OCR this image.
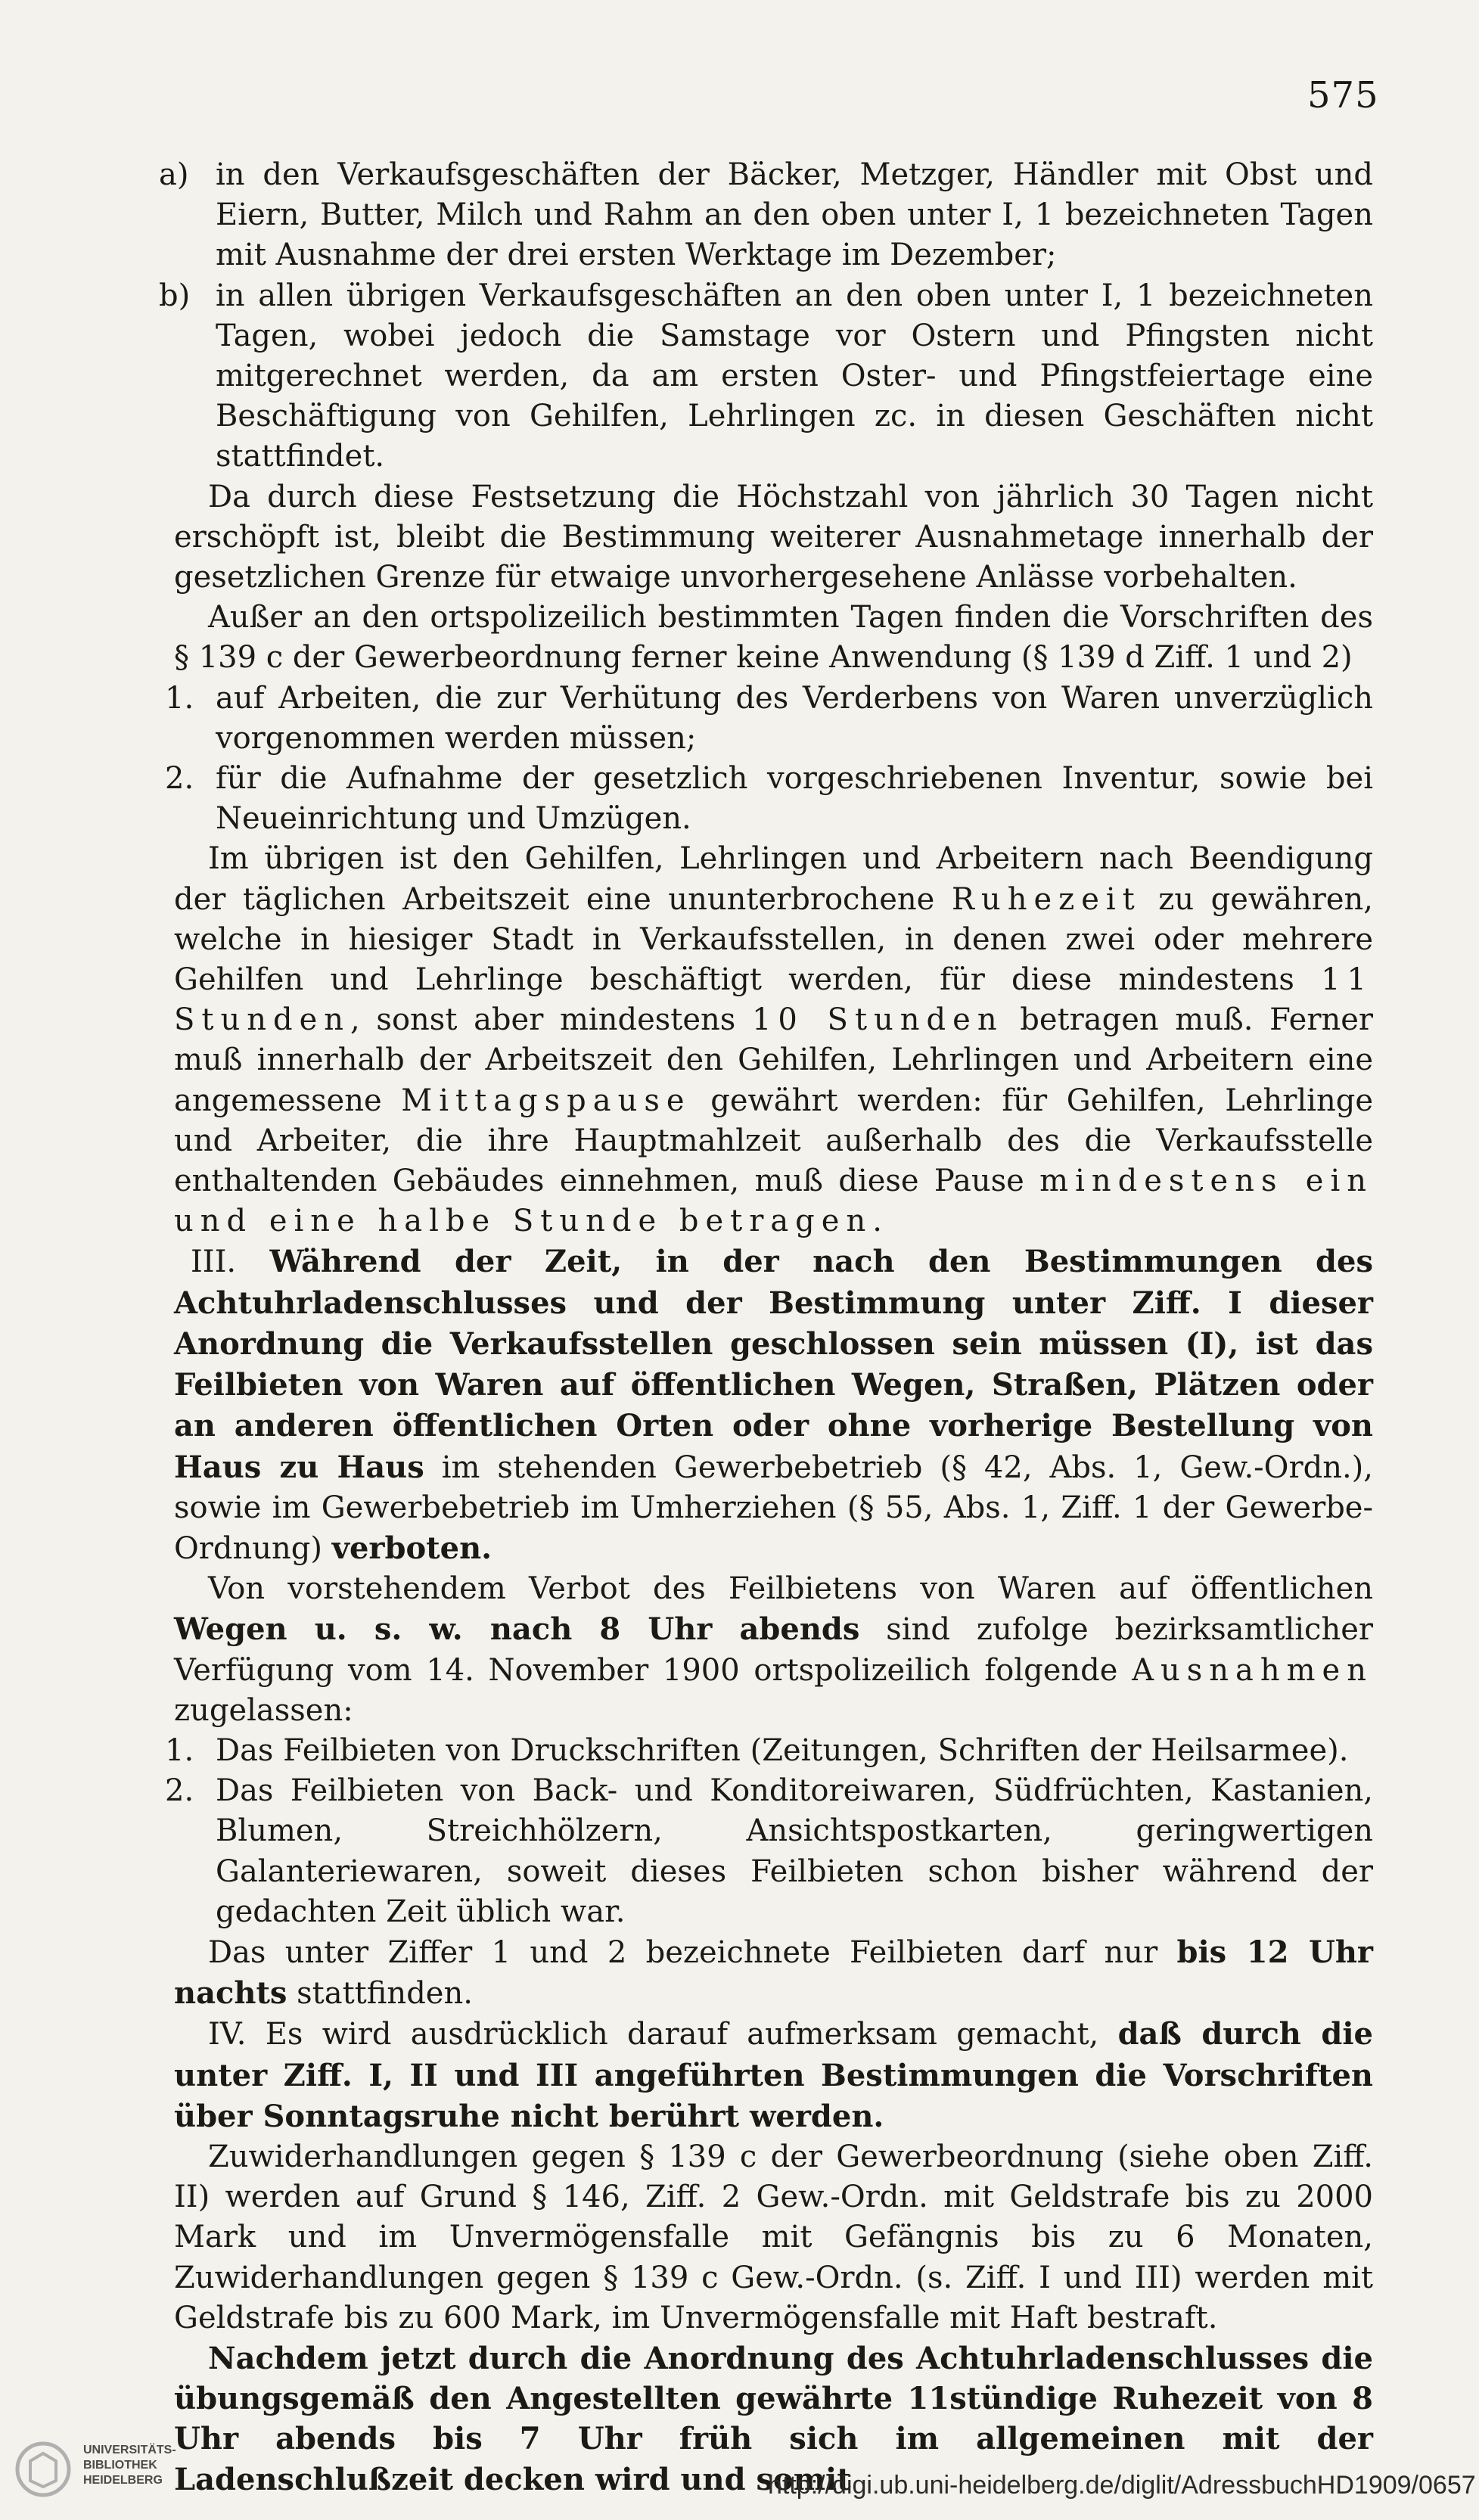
575

a) in den Verkaufsgeschäften der Bäcker, Metzger, Händler mit Obst und Eiern, Butter, Milch und Rahm an den oben unter I, 1 bezeichneten Tagen mit Ausnahme der drei ersten Werktage im Dezember;

b) in allen übrigen Verkaufsgeschäften an den oben unter I, 1 bezeichneten Tagen, wobei jedoch die Samstage vor Ostern und Pfingsten nicht mitgerechnet werden, da am ersten Oster- und Pfingstfeiertage eine Beschäftigung von Gehilfen, Lehrlingen zc. in diesen Geschäften nicht stattfindet.

Da durch diese Festsetzung die Höchstzahl von jährlich 30 Tagen nicht erschöpft ist, bleibt die Bestimmung weiterer Ausnahmetage innerhalb der gesetzlichen Grenze für etwaige unvorhergesehene Anlässe vorbehalten.

Außer an den ortspolizeilich bestimmten Tagen finden die Vorschriften des § 139 c der Gewerbeordnung ferner keine Anwendung (§ 139 d Ziff. 1 und 2)

1. auf Arbeiten, die zur Verhütung des Verderbens von Waren unverzüglich vorgenommen werden müssen;

2. für die Aufnahme der gesetzlich vorgeschriebenen Inventur, sowie bei Neueinrichtung und Umzügen.

Im übrigen ist den Gehilfen, Lehrlingen und Arbeitern nach Beendigung der täglichen Arbeitszeit eine ununterbrochene Ruhezeit zu gewähren, welche in hiesiger Stadt in Verkaufsstellen, in denen zwei oder mehrere Gehilfen und Lehrlinge beschäftigt werden, für diese mindestens 11 Stunden, sonst aber mindestens 10 Stunden betragen muß. Ferner muß innerhalb der Arbeitszeit den Gehilfen, Lehrlingen und Arbeitern eine angemessene Mittagspause gewährt werden: für Gehilfen, Lehrlinge und Arbeiter, die ihre Hauptmahlzeit außerhalb des die Verkaufsstelle enthaltenden Gebäudes einnehmen, muß diese Pause mindestens ein und eine halbe Stunde betragen.

III. Während der Zeit, in der nach den Bestimmungen des Achtuhrladenschlusses und der Bestimmung unter Ziff. I dieser Anordnung die Verkaufsstellen geschlossen sein müssen (I), ist das Feilbieten von Waren auf öffentlichen Wegen, Straßen, Plätzen oder an anderen öffentlichen Orten oder ohne vorherige Bestellung von Haus zu Haus im stehenden Gewerbebetrieb (§ 42, Abs. 1, Gew.-Ordn.), sowie im Gewerbebetrieb im Umherziehen (§ 55, Abs. 1, Ziff. 1 der Gewerbe-Ordnung) verboten.

Von vorstehendem Verbot des Feilbietens von Waren auf öffentlichen Wegen u. s. w. nach 8 Uhr abends sind zufolge bezirksamtlicher Verfügung vom 14. November 1900 ortspolizeilich folgende Ausnahmen zugelassen:

1. Das Feilbieten von Druckschriften (Zeitungen, Schriften der Heilsarmee).

2. Das Feilbieten von Back- und Konditoreiwaren, Südfrüchten, Kastanien, Blumen, Streichhölzern, Ansichtspostkarten, geringwertigen Galanteriewaren, soweit dieses Feilbieten schon bisher während der gedachten Zeit üblich war.

Das unter Ziffer 1 und 2 bezeichnete Feilbieten darf nur bis 12 Uhr nachts stattfinden.

IV. Es wird ausdrücklich darauf aufmerksam gemacht, daß durch die unter Ziff. I, II und III angeführten Bestimmungen die Vorschriften über Sonntagsruhe nicht berührt werden.

Zuwiderhandlungen gegen § 139 c der Gewerbeordnung (siehe oben Ziff. II) werden auf Grund § 146, Ziff. 2 Gew.-Ordn. mit Geldstrafe bis zu 2000 Mark und im Unvermögensfalle mit Gefängnis bis zu 6 Monaten, Zuwiderhandlungen gegen § 139 c Gew.-Ordn. (s. Ziff. I und III) werden mit Geldstrafe bis zu 600 Mark, im Unvermögensfalle mit Haft bestraft.

Nachdem jetzt durch die Anordnung des Achtuhrladenschlusses die übungsgemäß den Angestellten gewährte 11stündige Ruhezeit von 8 Uhr abends bis 7 Uhr früh sich im allgemeinen mit der Ladenschlußzeit decken wird und somit

UNIVERSITÄTS-
BIBLIOTHEK
HEIDELBERG	http://digi.ub.uni-heidelberg.de/diglit/AdressbuchHD1909/0657
